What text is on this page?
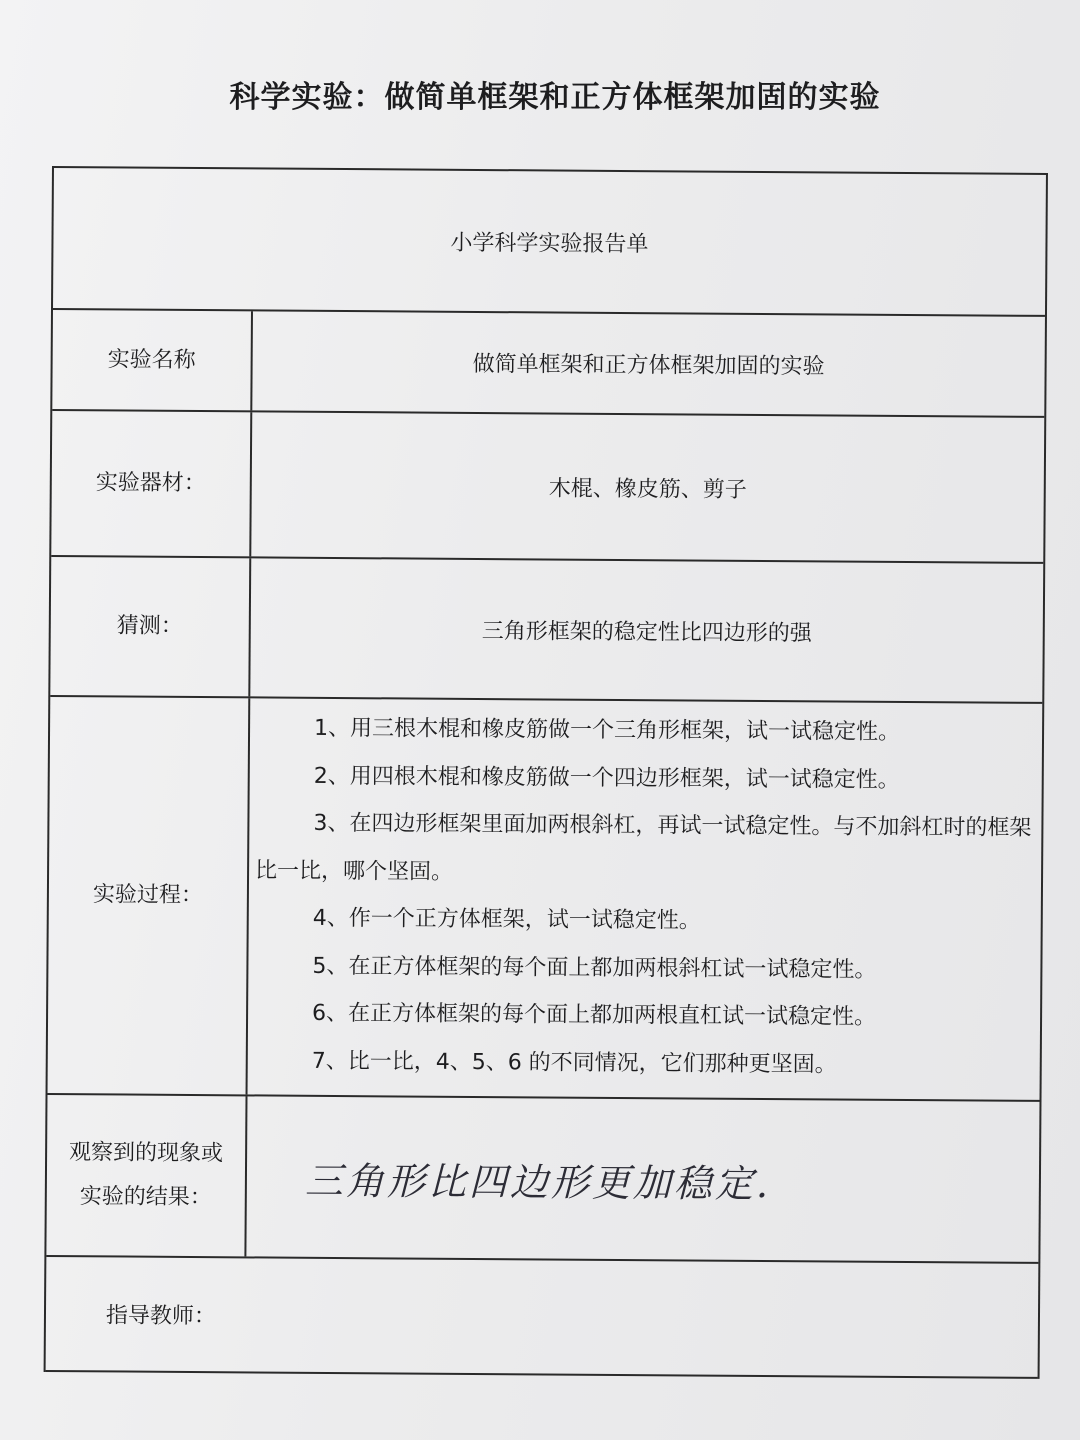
科学实验：做简单框架和正方体框架加固的实验
小学科学实验报告单
实验名称	做简单框架和正方体框架加固的实验
实验器材：	木棍、橡皮筋、剪子
猜测：	三角形框架的稳定性比四边形的强
实验过程：
1、用三根木棍和橡皮筋做一个三角形框架，试一试稳定性。
2、用四根木棍和橡皮筋做一个四边形框架，试一试稳定性。
3、在四边形框架里面加两根斜杠，再试一试稳定性。与不加斜杠时的框架比一比，哪个坚固。
4、作一个正方体框架，试一试稳定性。
5、在正方体框架的每个面上都加两根斜杠试一试稳定性。
6、在正方体框架的每个面上都加两根直杠试一试稳定性。
7、比一比，4、5、6 的不同情况，它们那种更坚固。
观察到的现象或
实验的结果：	三角形比四边形更加稳定.
指导教师：
